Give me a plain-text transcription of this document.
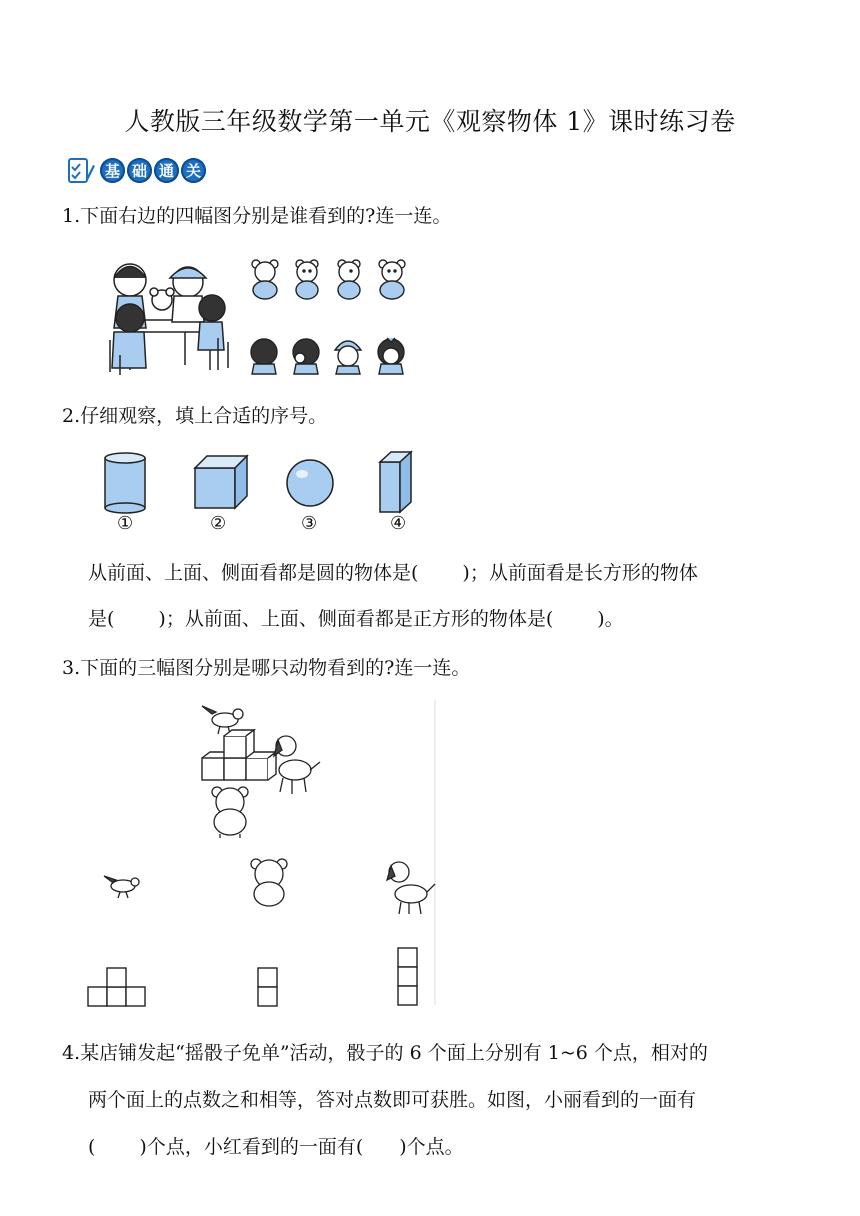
人教版三年级数学第一单元《观察物体 1》课时练习卷
基 础 通 关
1.下面右边的四幅图分别是谁看到的?连一连。
2.仔细观察，填上合适的序号。
①	②	③	④
从前面、上面、侧面看都是圆的物体是( )；从前面看是长方形的物体
是( )；从前面、上面、侧面看都是正方形的物体是( )。
3.下面的三幅图分别是哪只动物看到的?连一连。
4.某店铺发起“摇骰子免单”活动，骰子的 6 个面上分别有 1~6 个点，相对的
两个面上的点数之和相等，答对点数即可获胜。如图，小丽看到的一面有
( )个点，小红看到的一面有( )个点。
